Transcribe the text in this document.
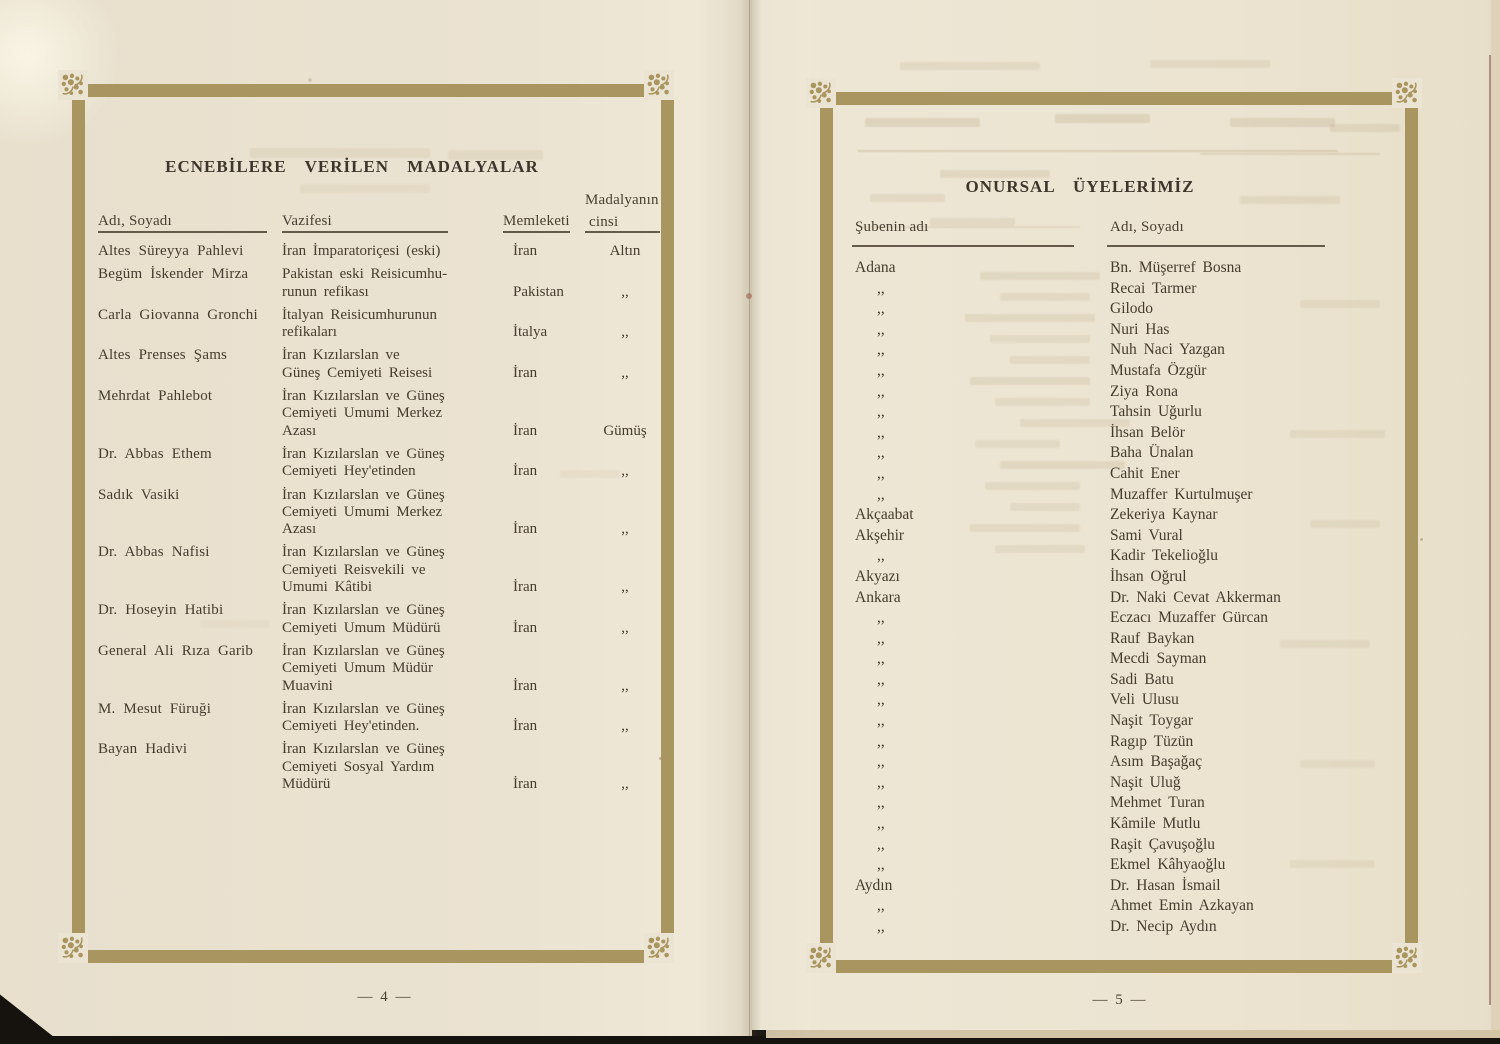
ECNEBİLERE VERİLEN MADALYALAR
Adı, Soyadı	Vazifesi	Memleketi
Madalyanın
cinsi
Altes Süreyya Pahlevi	İran İmparatoriçesi (eski)	İran	Altın
Begüm İskender Mirza	Pakistan eski Reisicumhu-
runun refikası	Pakistan	,,
Carla Giovanna Gronchi	İtalyan Reisicumhurunun
refikaları	İtalya	,,
Altes Prenses Şams	İran Kızılarslan ve
Güneş Cemiyeti Reisesi	İran	,,
Mehrdat Pahlebot	İran Kızılarslan ve Güneş
Cemiyeti Umumi Merkez
Azası	İran	Gümüş
Dr. Abbas Ethem	İran Kızılarslan ve Güneş
Cemiyeti Hey'etinden	İran	,,
Sadık Vasiki	İran Kızılarslan ve Güneş
Cemiyeti Umumi Merkez
Azası	İran	,,
Dr. Abbas Nafisi	İran Kızılarslan ve Güneş
Cemiyeti Reisvekili ve
Umumi Kâtibi	İran	,,
Dr. Hoseyin Hatibi	İran Kızılarslan ve Güneş
Cemiyeti Umum Müdürü	İran	,,
General Ali Rıza Garib	İran Kızılarslan ve Güneş
Cemiyeti Umum Müdür
Muavini	İran	,,
M. Mesut Füruği	İran Kızılarslan ve Güneş
Cemiyeti Hey'etinden.	İran	,,
Bayan Hadivi	İran Kızılarslan ve Güneş
Cemiyeti Sosyal Yardım
Müdürü	İran	,,
— 4 —
ONURSAL ÜYELERİMİZ
Şubenin adı	Adı, Soyadı
Adana	Bn. Müşerref Bosna
,,	Recai Tarmer
,,	Gilodo
,,	Nuri Has
,,	Nuh Naci Yazgan
,,	Mustafa Özgür
,,	Ziya Rona
,,	Tahsin Uğurlu
,,	İhsan Belör
,,	Baha Ünalan
,,	Cahit Ener
,,	Muzaffer Kurtulmuşer
Akçaabat	Zekeriya Kaynar
Akşehir	Sami Vural
,,	Kadir Tekelioğlu
Akyazı	İhsan Oğrul
Ankara	Dr. Naki Cevat Akkerman
,,	Eczacı Muzaffer Gürcan
,,	Rauf Baykan
,,	Mecdi Sayman
,,	Sadi Batu
,,	Veli Ulusu
,,	Naşit Toygar
,,	Ragıp Tüzün
,,	Asım Başağaç
,,	Naşit Uluğ
,,	Mehmet Turan
,,	Kâmile Mutlu
,,	Raşit Çavuşoğlu
,,	Ekmel Kâhyaoğlu
Aydın	Dr. Hasan İsmail
,,	Ahmet Emin Azkayan
,,	Dr. Necip Aydın
— 5 —
